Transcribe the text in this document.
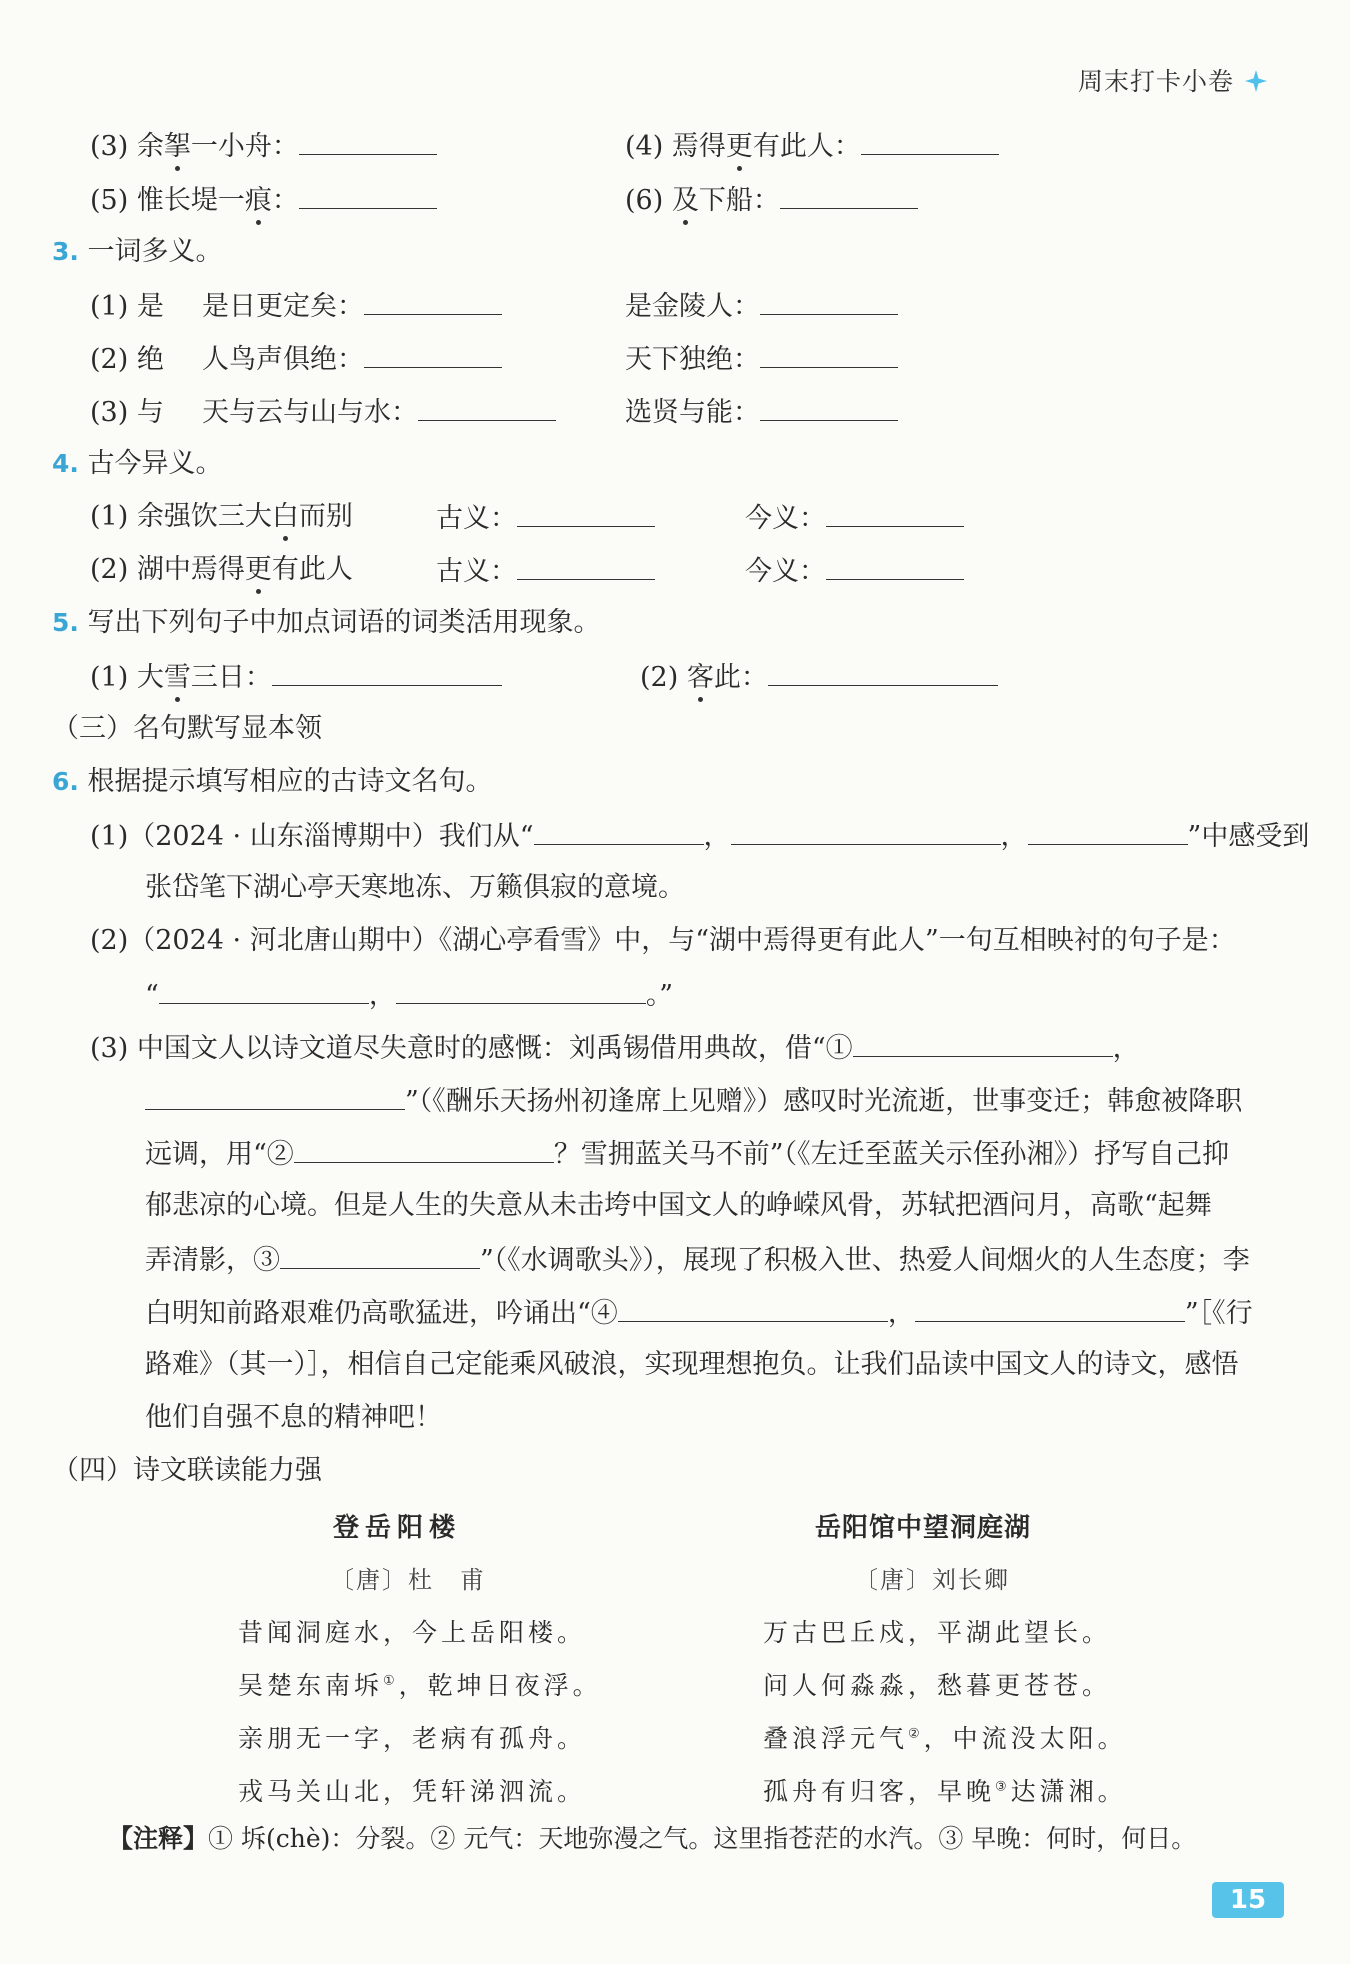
周末打卡小卷
(3) 余挐一小舟：	(4) 焉得更有此人：
(5) 惟长堤一痕：	(6) 及下船：
3. 一词多义。
(1) 是 是日更定矣：	是金陵人：
(2) 绝 人鸟声俱绝：	天下独绝：
(3) 与 天与云与山与水：	选贤与能：
4. 古今异义。
(1) 余强饮三大白而别	古义：	今义：
(2) 湖中焉得更有此人	古义：	今义：
5. 写出下列句子中加点词语的词类活用现象。
(1) 大雪三日：	(2) 客此：
（三）名句默写显本领
6. 根据提示填写相应的古诗文名句。
(1)（2024 · 山东淄博期中）我们从“	，	，	”中感受到
张岱笔下湖心亭天寒地冻、万籁俱寂的意境。
(2)（2024 · 河北唐山期中）《湖心亭看雪》中，与“湖中焉得更有此人”一句互相映衬的句子是：
“	，	。”
(3) 中国文人以诗文道尽失意时的感慨：刘禹锡借用典故，借“①	，
”（《酬乐天扬州初逢席上见赠》）感叹时光流逝，世事变迁；韩愈被降职
远调，用“②	？雪拥蓝关马不前”（《左迁至蓝关示侄孙湘》）抒写自己抑
郁悲凉的心境。但是人生的失意从未击垮中国文人的峥嵘风骨，苏轼把酒问月，高歌“起舞
弄清影，③	”（《水调歌头》），展现了积极入世、热爱人间烟火的人生态度；李
白明知前路艰难仍高歌猛进，吟诵出“④	，	”［《行
路难》（其一）］，相信自己定能乘风破浪，实现理想抱负。让我们品读中国文人的诗文，感悟
他们自强不息的精神吧！
（四）诗文联读能力强
登岳阳楼
〔唐〕杜　甫
昔闻洞庭水，今上岳阳楼。
吴楚东南坼①，乾坤日夜浮。
亲朋无一字，老病有孤舟。
戎马关山北，凭轩涕泗流。
岳阳馆中望洞庭湖
〔唐〕刘长卿
万古巴丘戍，平湖此望长。
问人何淼淼，愁暮更苍苍。
叠浪浮元气②，中流没太阳。
孤舟有归客，早晚③达潇湘。
【注释】① 坼(chè)：分裂。② 元气：天地弥漫之气。这里指苍茫的水汽。③ 早晚：何时，何日。
15
